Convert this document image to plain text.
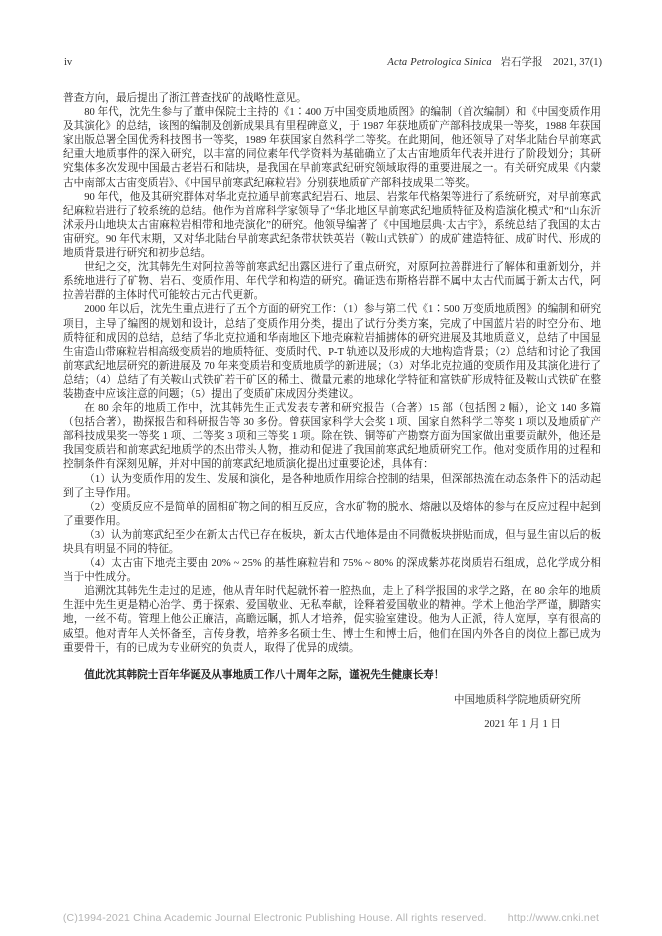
iv	Acta Petrologica Sinica 岩石学报　2021, 37(1)

普查方向，最后提出了浙江普查找矿的战略性意见。

80 年代，沈先生参与了董申保院士主持的《1∶400 万中国变质地质图》的编制（首次编制）和《中国变质作用及其演化》的总结，该图的编制及创新成果具有里程碑意义，于 1987 年获地质矿产部科技成果一等奖，1988 年获国家出版总署全国优秀科技图书一等奖，1989 年获国家自然科学二等奖。在此期间，他还领导了对华北陆台早前寒武纪重大地质事件的深入研究，以丰富的同位素年代学资料为基础确立了太古宙地质年代表并进行了阶段划分；其研究集体多次发现中国最古老岩石和陆块，是我国在早前寒武纪研究领域取得的重要进展之一。有关研究成果《内蒙古中南部太古宙变质岩》、《中国早前寒武纪麻粒岩》分别获地质矿产部科技成果二等奖。

90 年代，他及其研究群体对华北克拉通早前寒武纪岩石、地层、岩浆年代格架等进行了系统研究，对早前寒武纪麻粒岩进行了较系统的总结。他作为首席科学家领导了“华北地区早前寒武纪地质特征及构造演化模式”和“山东沂沭汞丹山地块太古宙麻粒岩相带和地壳演化”的研究。他领导编著了《中国地层典·太古宇》，系统总结了我国的太古宙研究。90 年代末期，又对华北陆台早前寒武纪条带状铁英岩（鞍山式铁矿）的成矿建造特征、成矿时代、形成的地质背景进行研究和初步总结。

世纪之交，沈其韩先生对阿拉善等前寒武纪出露区进行了重点研究，对原阿拉善群进行了解体和重新划分，并系统地进行了矿物、岩石、变质作用、年代学和构造的研究。确证迭布斯格岩群不属中太古代而属于新太古代，阿拉善岩群的主体时代可能较古元古代更新。

2000 年以后，沈先生重点进行了五个方面的研究工作：（1）参与第二代《1∶500 万变质地质图》的编制和研究项目，主导了编图的规划和设计，总结了变质作用分类，提出了试行分类方案，完成了中国蓝片岩的时空分布、地质特征和成因的总结，总结了华北克拉通和华南地区下地壳麻粒岩捕掳体的研究进展及其地质意义，总结了中国显生宙造山带麻粒岩相高级变质岩的地质特征、变质时代、P-T 轨迹以及形成的大地构造背景；（2）总结和讨论了我国前寒武纪地层研究的新进展及 70 年来变质岩和变质地质学的新进展；（3）对华北克拉通的变质作用及其演化进行了总结；（4）总结了有关鞍山式铁矿若干矿区的稀土、微量元素的地球化学特征和富铁矿形成特征及鞍山式铁矿在整装勘查中应该注意的问题；（5）提出了变质矿床成因分类建议。

在 80 余年的地质工作中，沈其韩先生正式发表专著和研究报告（合著）15 部（包括图 2 幅），论文 140 多篇（包括合著），勘探报告和科研报告等 30 多份。曾获国家科学大会奖 1 项、国家自然科学二等奖 1 项以及地质矿产部科技成果奖一等奖 1 项、二等奖 3 项和三等奖 1 项。除在铁、铜等矿产勘察方面为国家做出重要贡献外，他还是我国变质岩和前寒武纪地质学的杰出带头人物，推动和促进了我国前寒武纪地质研究工作。他对变质作用的过程和控制条件有深刻见解，并对中国的前寒武纪地质演化提出过重要论述，具体有：

（1）认为变质作用的发生、发展和演化，是各种地质作用综合控制的结果，但深部热流在动态条件下的活动起到了主导作用。

（2）变质反应不是简单的固相矿物之间的相互反应，含水矿物的脱水、熔融以及熔体的参与在反应过程中起到了重要作用。

（3）认为前寒武纪至少在新太古代已存在板块，新太古代地体是由不同微板块拼贴而成，但与显生宙以后的板块具有明显不同的特征。

（4）太古宙下地壳主要由 20% ~ 25% 的基性麻粒岩和 75% ~ 80% 的深成紫苏花岗质岩石组成，总化学成分相当于中性成分。

追溯沈其韩先生走过的足迹，他从青年时代起就怀着一腔热血，走上了科学报国的求学之路，在 80 余年的地质生涯中先生更是精心治学、勇于探索、爱国敬业、无私奉献，诠释着爱国敬业的精神。学术上他治学严谨，脚踏实地，一丝不苟。管理上他公正廉洁，高瞻远瞩，抓人才培养，促实验室建设。他为人正派，待人宽厚，享有很高的威望。他对青年人关怀备至，言传身教，培养多名硕士生、博士生和博士后，他们在国内外各自的岗位上都已成为重要骨干，有的已成为专业研究的负责人，取得了优异的成绩。

值此沈其韩院士百年华诞及从事地质工作八十周年之际，谨祝先生健康长寿！

中国地质科学院地质研究所

2021 年 1 月 1 日

(C)1994-2021 China Academic Journal Electronic Publishing House. All rights reserved. http://www.cnki.net
